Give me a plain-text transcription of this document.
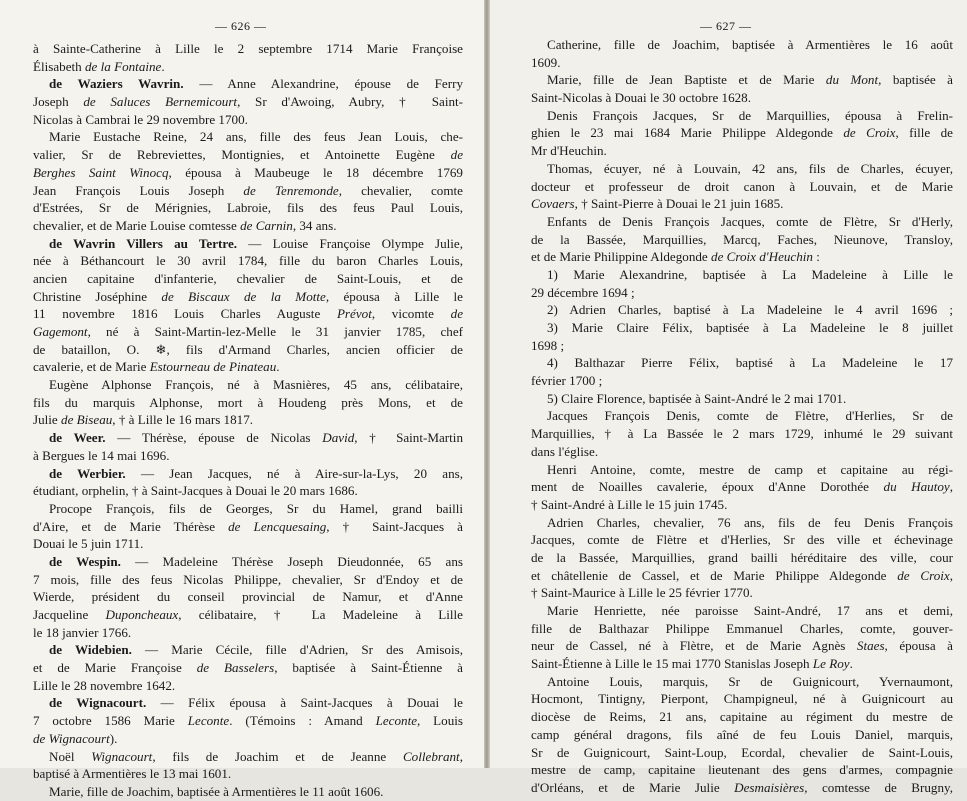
— 626 —
à Sainte-Catherine à Lille le 2 septembre 1714 Marie Françoise
Élisabeth de la Fontaine.
de Waziers Wavrin. — Anne Alexandrine, épouse de Ferry
Joseph de Saluces Bernemicourt, Sr d'Awoing, Aubry, † Saint-
Nicolas à Cambrai le 29 novembre 1700.
Marie Eustache Reine, 24 ans, fille des feus Jean Louis, che-
valier, Sr de Rebreviettes, Montignies, et Antoinette Eugène de
Berghes Saint Winocq, épousa à Maubeuge le 18 décembre 1769
Jean François Louis Joseph de Tenremonde, chevalier, comte
d'Estrées, Sr de Mérignies, Labroie, fils des feus Paul Louis,
chevalier, et de Marie Louise comtesse de Carnin, 34 ans.
de Wavrin Villers au Tertre. — Louise Françoise Olympe Julie,
née à Béthancourt le 30 avril 1784, fille du baron Charles Louis,
ancien capitaine d'infanterie, chevalier de Saint-Louis, et de
Christine Joséphine de Biscaux de la Motte, épousa à Lille le
11 novembre 1816 Louis Charles Auguste Prévot, vicomte de
Gagemont, né à Saint-Martin-lez-Melle le 31 janvier 1785, chef
de bataillon, O. ❄, fils d'Armand Charles, ancien officier de
cavalerie, et de Marie Estourneau de Pinateau.
Eugène Alphonse François, né à Masnières, 45 ans, célibataire,
fils du marquis Alphonse, mort à Houdeng près Mons, et de
Julie de Biseau, † à Lille le 16 mars 1817.
de Weer. — Thérèse, épouse de Nicolas David, † Saint-Martin
à Bergues le 14 mai 1696.
de Werbier. — Jean Jacques, né à Aire-sur-la-Lys, 20 ans,
étudiant, orphelin, † à Saint-Jacques à Douai le 20 mars 1686.
Procope François, fils de Georges, Sr du Hamel, grand bailli
d'Aire, et de Marie Thérèse de Lencquesaing, † Saint-Jacques à
Douai le 5 juin 1711.
de Wespin. — Madeleine Thérèse Joseph Dieudonnée, 65 ans
7 mois, fille des feus Nicolas Philippe, chevalier, Sr d'Endoy et de
Wierde, président du conseil provincial de Namur, et d'Anne
Jacqueline Duponcheaux, célibataire, † La Madeleine à Lille
le 18 janvier 1766.
de Widebien. — Marie Cécile, fille d'Adrien, Sr des Amisois,
et de Marie Françoise de Basselers, baptisée à Saint-Étienne à
Lille le 28 novembre 1642.
de Wignacourt. — Félix épousa à Saint-Jacques à Douai le
7 octobre 1586 Marie Leconte. (Témoins : Amand Leconte, Louis
de Wignacourt).
Noël Wignacourt, fils de Joachim et de Jeanne Collebrant,
baptisé à Armentières le 13 mai 1601.
Marie, fille de Joachim, baptisée à Armentières le 11 août 1606.
— 627 —
Catherine, fille de Joachim, baptisée à Armentières le 16 août
1609.
Marie, fille de Jean Baptiste et de Marie du Mont, baptisée à
Saint-Nicolas à Douai le 30 octobre 1628.
Denis François Jacques, Sr de Marquillies, épousa à Frelin-
ghien le 23 mai 1684 Marie Philippe Aldegonde de Croix, fille de
Mr d'Heuchin.
Thomas, écuyer, né à Louvain, 42 ans, fils de Charles, écuyer,
docteur et professeur de droit canon à Louvain, et de Marie
Covaers, † Saint-Pierre à Douai le 21 juin 1685.
Enfants de Denis François Jacques, comte de Flètre, Sr d'Herly,
de la Bassée, Marquillies, Marcq, Faches, Nieunove, Transloy,
et de Marie Philippine Aldegonde de Croix d'Heuchin :
1) Marie Alexandrine, baptisée à La Madeleine à Lille le
29 décembre 1694 ;
2) Adrien Charles, baptisé à La Madeleine le 4 avril 1696 ;
3) Marie Claire Félix, baptisée à La Madeleine le 8 juillet
1698 ;
4) Balthazar Pierre Félix, baptisé à La Madeleine le 17
février 1700 ;
5) Claire Florence, baptisée à Saint-André le 2 mai 1701.
Jacques François Denis, comte de Flètre, d'Herlies, Sr de
Marquillies, † à La Bassée le 2 mars 1729, inhumé le 29 suivant
dans l'église.
Henri Antoine, comte, mestre de camp et capitaine au régi-
ment de Noailles cavalerie, époux d'Anne Dorothée du Hautoy,
† Saint-André à Lille le 15 juin 1745.
Adrien Charles, chevalier, 76 ans, fils de feu Denis François
Jacques, comte de Flètre et d'Herlies, Sr des ville et échevinage
de la Bassée, Marquillies, grand bailli héréditaire des ville, cour
et châtellenie de Cassel, et de Marie Philippe Aldegonde de Croix,
† Saint-Maurice à Lille le 25 février 1770.
Marie Henriette, née paroisse Saint-André, 17 ans et demi,
fille de Balthazar Philippe Emmanuel Charles, comte, gouver-
neur de Cassel, né à Flètre, et de Marie Agnès Staes, épousa à
Saint-Étienne à Lille le 15 mai 1770 Stanislas Joseph Le Roy.
Antoine Louis, marquis, Sr de Guignicourt, Yvernaumont,
Hocmont, Tintigny, Pierpont, Champigneul, né à Guignicourt au
diocèse de Reims, 21 ans, capitaine au régiment du mestre de
camp général dragons, fils aîné de feu Louis Daniel, marquis,
Sr de Guignicourt, Saint-Loup, Ecordal, chevalier de Saint-Louis,
mestre de camp, capitaine lieutenant des gens d'armes, compagnie
d'Orléans, et de Marie Julie Desmaisières, comtesse de Brugny,
